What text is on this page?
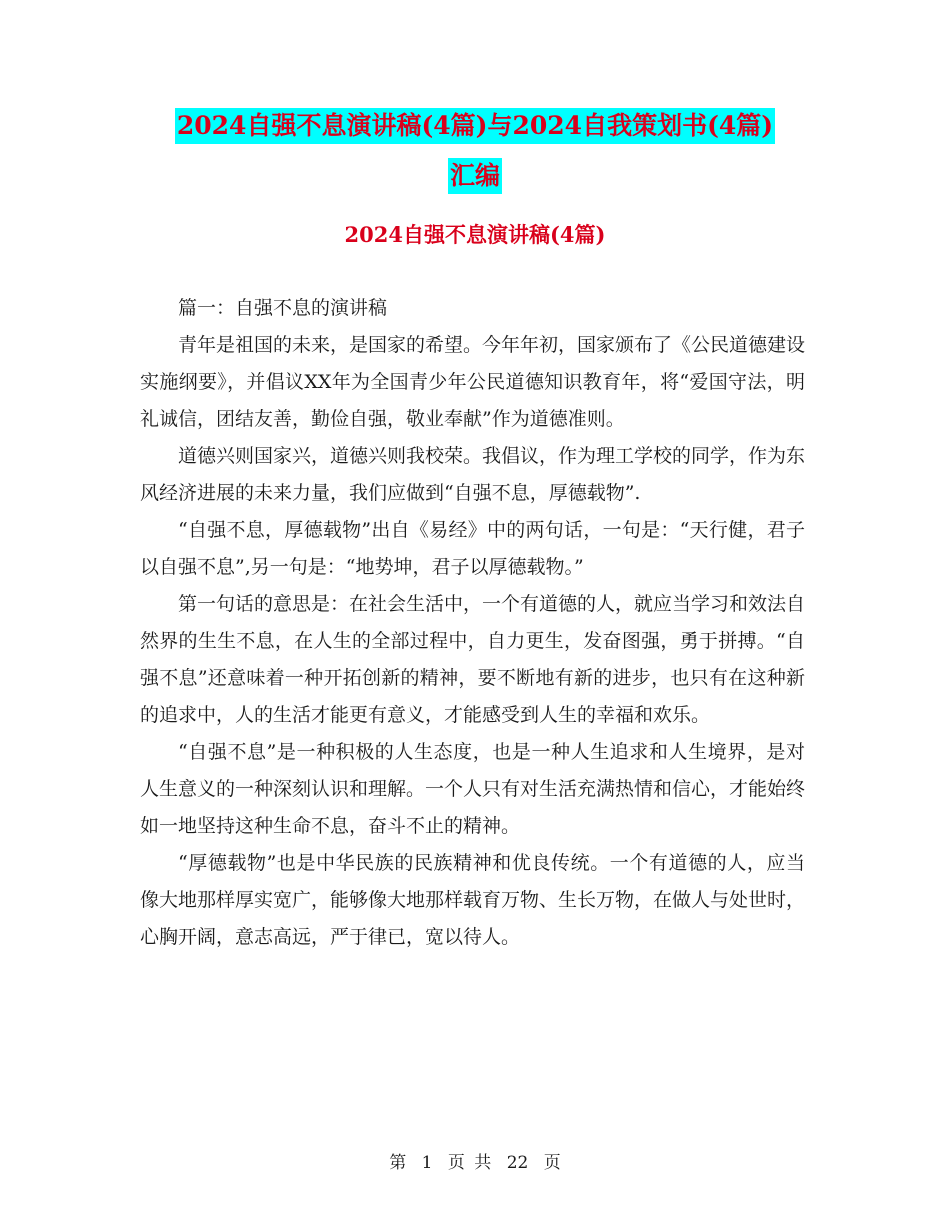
2024自强不息演讲稿(4篇)与2024自我策划书(4篇)
汇编
2024自强不息演讲稿(4篇)

篇一：自强不息的演讲稿

青年是祖国的未来，是国家的希望。今年年初，国家颁布了《公民道德建设实施纲要》，并倡议XX年为全国青少年公民道德知识教育年，将“爱国守法，明礼诚信，团结友善，勤俭自强，敬业奉献”作为道德准则。

道德兴则国家兴，道德兴则我校荣。我倡议，作为理工学校的同学，作为东风经济进展的未来力量，我们应做到“自强不息，厚德载物”.

“自强不息，厚德载物”出自《易经》中的两句话，一句是：“天行健，君子以自强不息”,另一句是：“地势坤，君子以厚德载物。”

第一句话的意思是：在社会生活中，一个有道德的人，就应当学习和效法自然界的生生不息，在人生的全部过程中，自力更生，发奋图强，勇于拼搏。“自强不息”还意味着一种开拓创新的精神，要不断地有新的进步，也只有在这种新的追求中，人的生活才能更有意义，才能感受到人生的幸福和欢乐。

“自强不息”是一种积极的人生态度，也是一种人生追求和人生境界，是对人生意义的一种深刻认识和理解。一个人只有对生活充满热情和信心，才能始终如一地坚持这种生命不息，奋斗不止的精神。

“厚德载物”也是中华民族的民族精神和优良传统。一个有道德的人，应当像大地那样厚实宽广，能够像大地那样载育万物、生长万物，在做人与处世时，心胸开阔，意志高远，严于律已，宽以待人。

第 1 页 共 22 页
